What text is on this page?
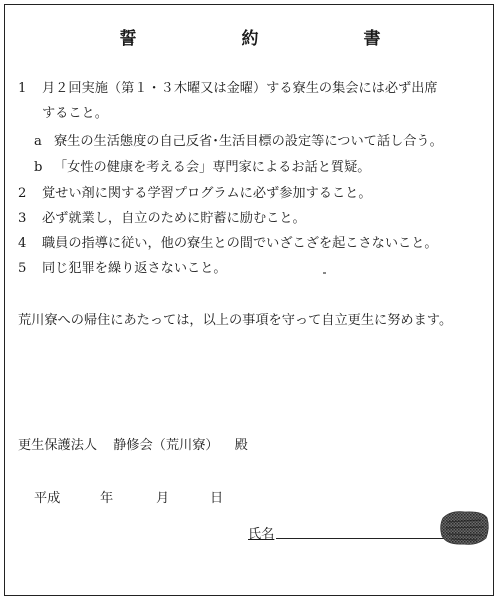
誓　約　書
1 月２回実施（第１・３木曜又は金曜）する寮生の集会には必ず出席
すること。
a 寮生の生活態度の自己反省･生活目標の設定等について話し合う。
b 「女性の健康を考える会」専門家によるお話と質疑。
2 覚せい剤に関する学習プログラムに必ず参加すること。
3 必ず就業し，自立のために貯蓄に励むこと。
4 職員の指導に従い，他の寮生との間でいざこざを起こさないこと。
5 同じ犯罪を繰り返さないこと。
荒川寮への帰住にあたっては，以上の事項を守って自立更生に努めます。
更生保護法人 静修会（荒川寮） 殿
平成	年	月	日
氏名
